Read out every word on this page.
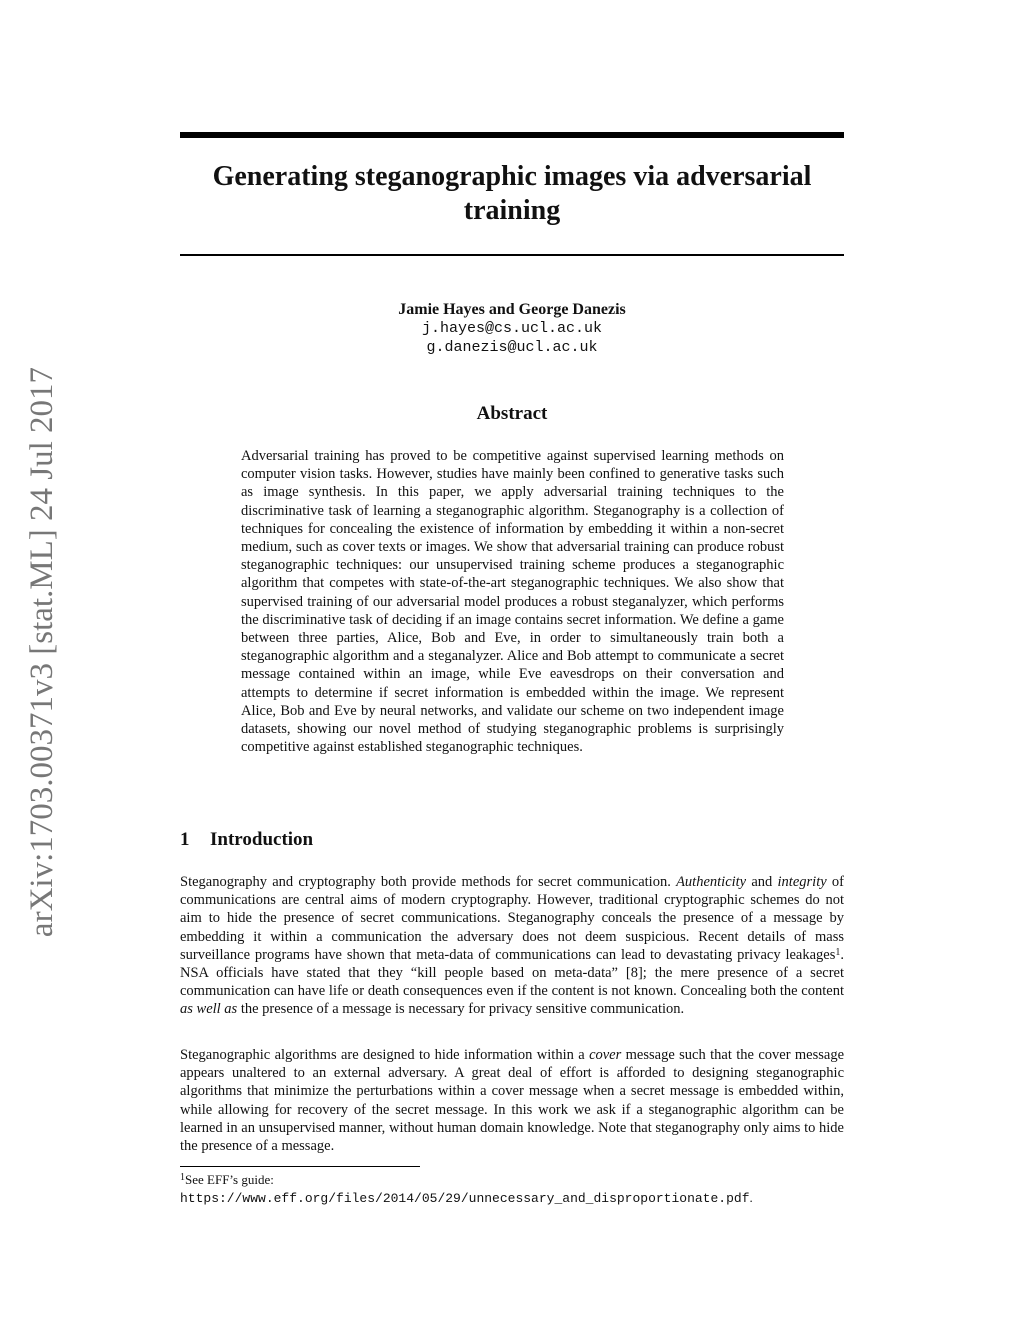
arXiv:1703.00371v3 [stat.ML] 24 Jul 2017
Generating steganographic images via adversarial training
Jamie Hayes and George Danezis
j.hayes@cs.ucl.ac.uk
g.danezis@ucl.ac.uk
Abstract
Adversarial training has proved to be competitive against supervised learning methods on computer vision tasks. However, studies have mainly been confined to generative tasks such as image synthesis. In this paper, we apply adversarial training techniques to the discriminative task of learning a steganographic algorithm. Steganography is a collection of techniques for concealing the existence of information by embedding it within a non-secret medium, such as cover texts or images. We show that adversarial training can produce robust steganographic techniques: our unsupervised training scheme produces a steganographic algorithm that competes with state-of-the-art steganographic techniques. We also show that supervised training of our adversarial model produces a robust steganalyzer, which performs the discriminative task of deciding if an image contains secret information. We define a game between three parties, Alice, Bob and Eve, in order to simultaneously train both a steganographic algorithm and a steganalyzer. Alice and Bob attempt to communicate a secret message contained within an image, while Eve eavesdrops on their conversation and attempts to determine if secret information is embedded within the image. We represent Alice, Bob and Eve by neural networks, and validate our scheme on two independent image datasets, showing our novel method of studying steganographic problems is surprisingly competitive against established steganographic techniques.
1 Introduction

Steganography and cryptography both provide methods for secret communication. Authenticity and integrity of communications are central aims of modern cryptography. However, traditional cryptographic schemes do not aim to hide the presence of secret communications. Steganography conceals the presence of a message by embedding it within a communication the adversary does not deem suspicious. Recent details of mass surveillance programs have shown that meta-data of communications can lead to devastating privacy leakages$^1$. NSA officials have stated that they “kill people based on meta-data” [8]; the mere presence of a secret communication can have life or death consequences even if the content is not known. Concealing both the content as well as the presence of a message is necessary for privacy sensitive communication.

Steganographic algorithms are designed to hide information within a cover message such that the cover message appears unaltered to an external adversary. A great deal of effort is afforded to designing steganographic algorithms that minimize the perturbations within a cover message when a secret message is embedded within, while allowing for recovery of the secret message. In this work we ask if a steganographic algorithm can be learned in an unsupervised manner, without human domain knowledge. Note that steganography only aims to hide the presence of a message.

$^1$See EFF’s guide: https://www.eff.org/files/2014/05/29/unnecessary_and_disproportionate.pdf.
